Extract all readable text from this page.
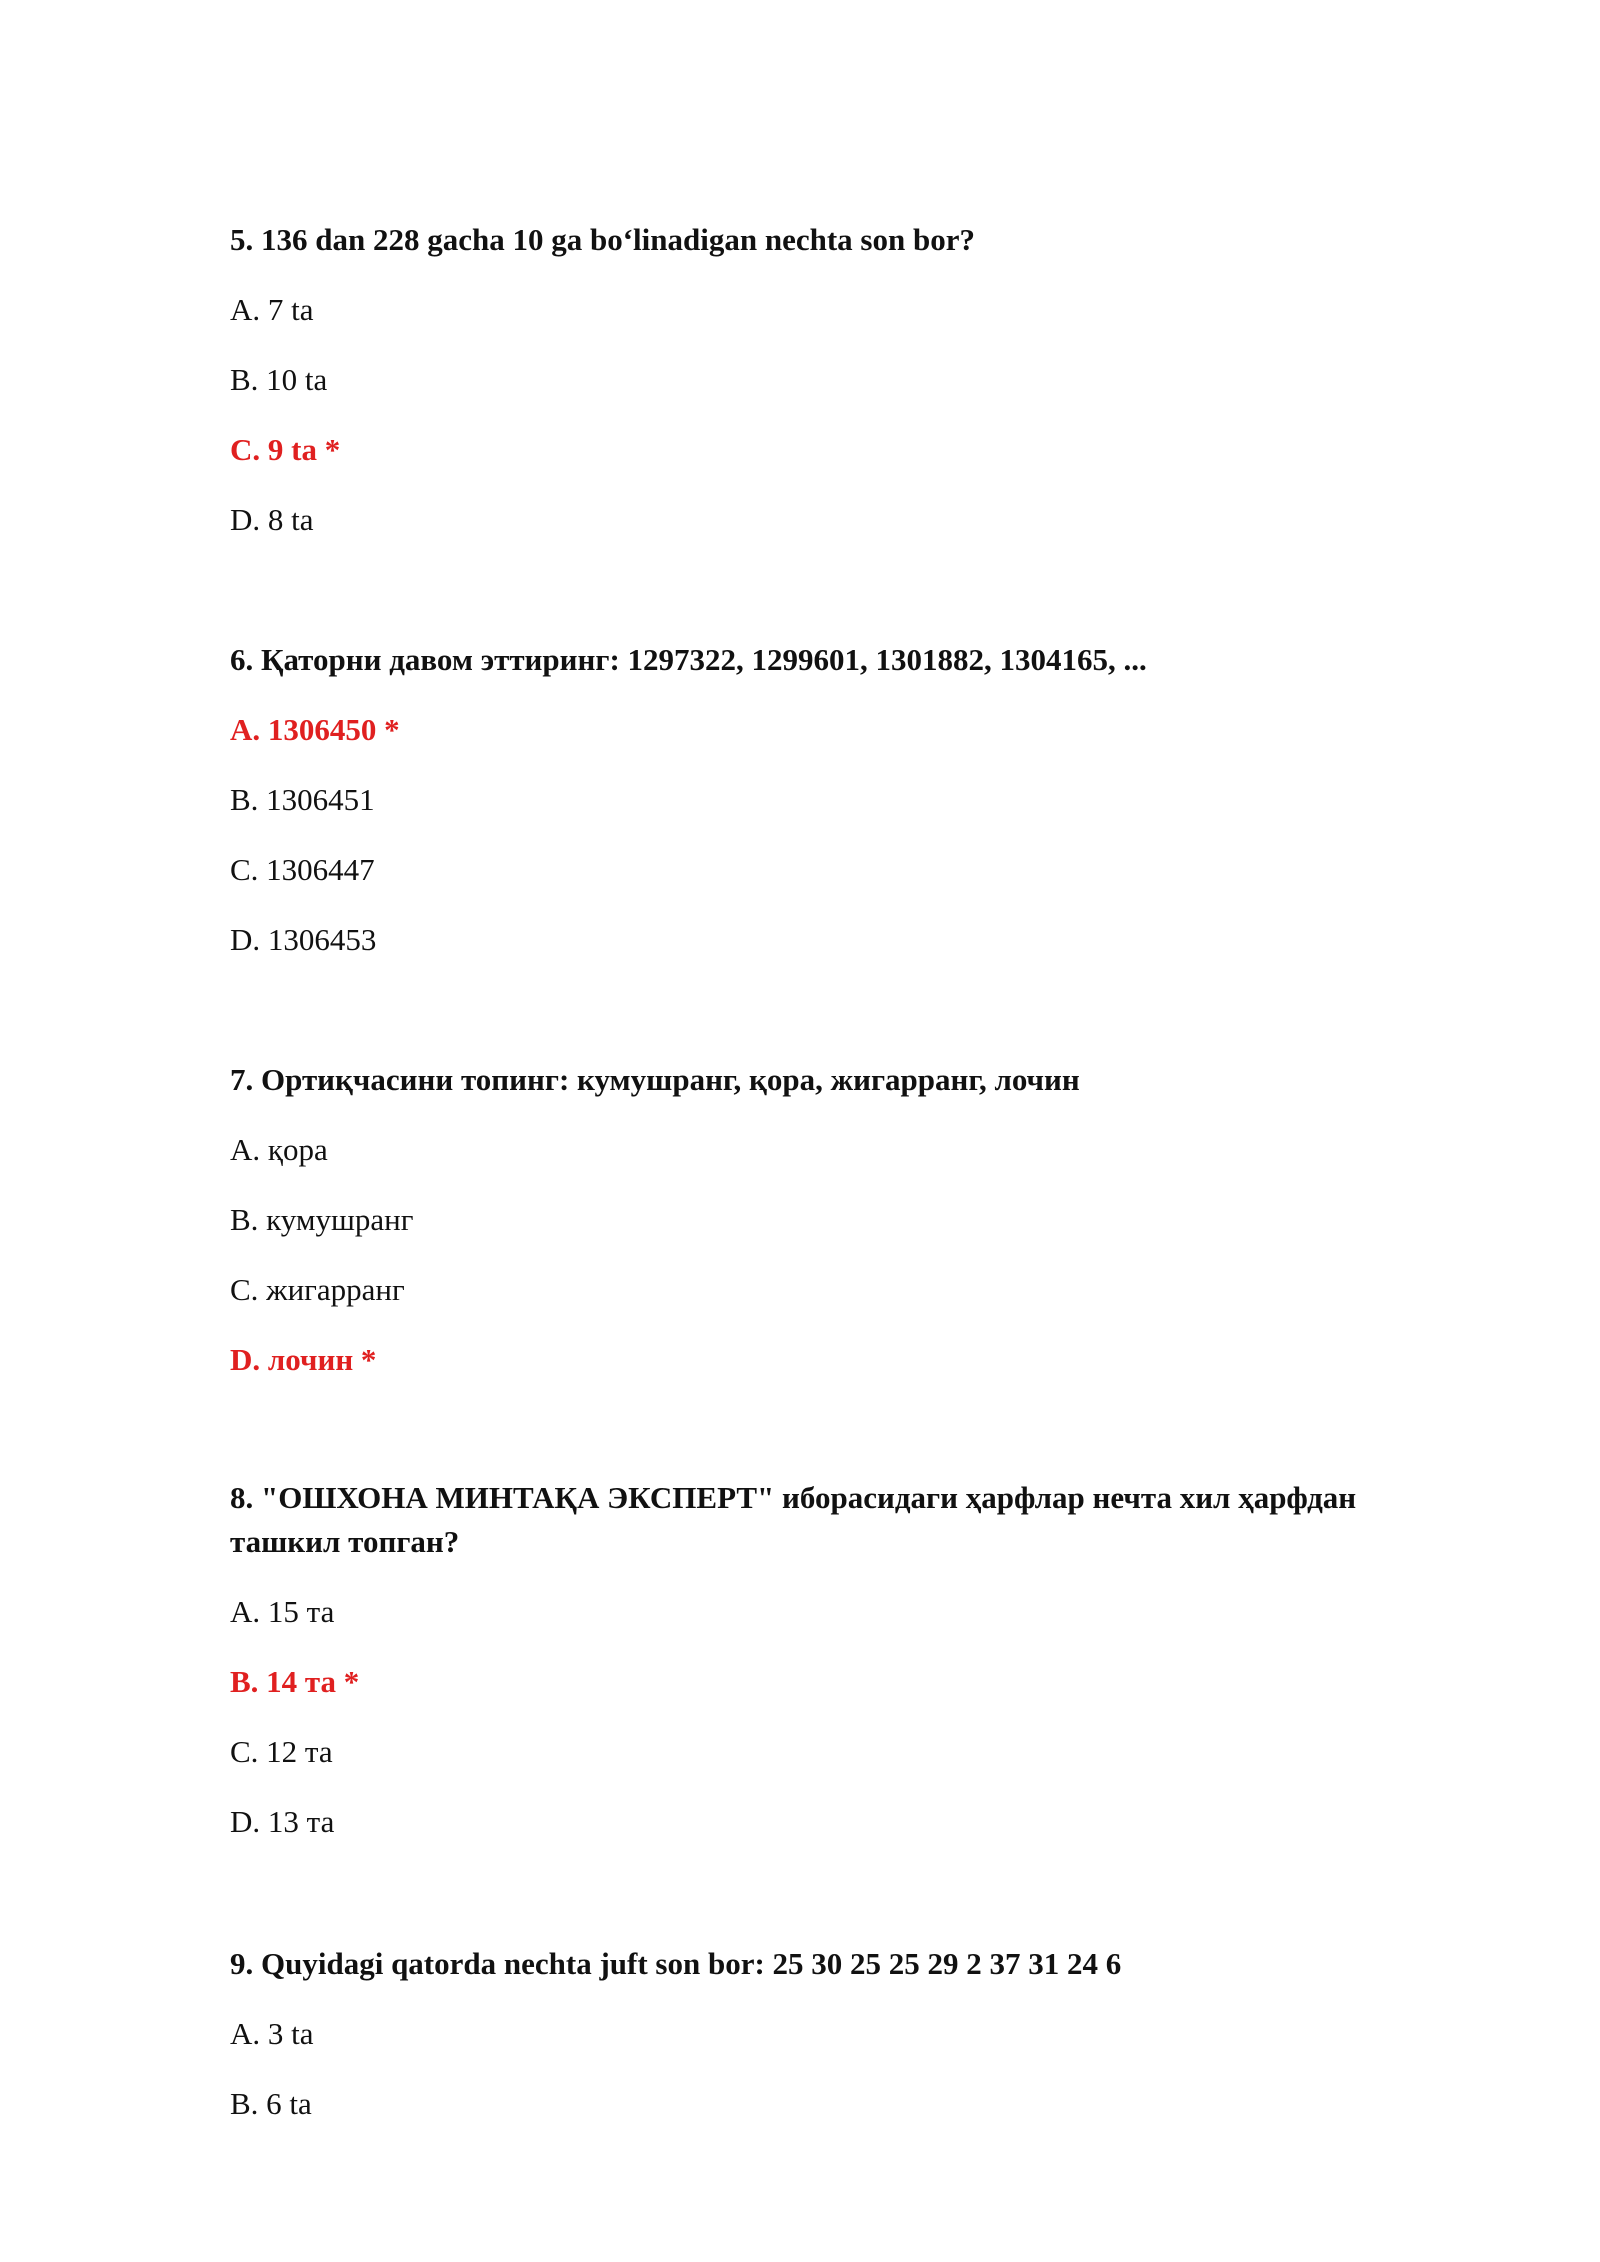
5. 136 dan 228 gacha 10 ga bo‘linadigan nechta son bor?

A. 7 ta

B. 10 ta

C. 9 ta *

D. 8 ta

6. Қаторни давом эттиринг: 1297322, 1299601, 1301882, 1304165, ...

A. 1306450 *

B. 1306451

C. 1306447

D. 1306453

7. Ортиқчасини топинг: кумушранг, қора, жигарранг, лочин

A. қора

B. кумушранг

C. жигарранг

D. лочин *

8. "ОШХОНА МИНТАҚА ЭКСПЕРТ" иборасидаги ҳарфлар нечта хил ҳарфдан ташкил топган?

A. 15 та

B. 14 та *

C. 12 та

D. 13 та

9. Quyidagi qatorda nechta juft son bor: 25 30 25 25 29 2 37 31 24 6

A. 3 ta

B. 6 ta
